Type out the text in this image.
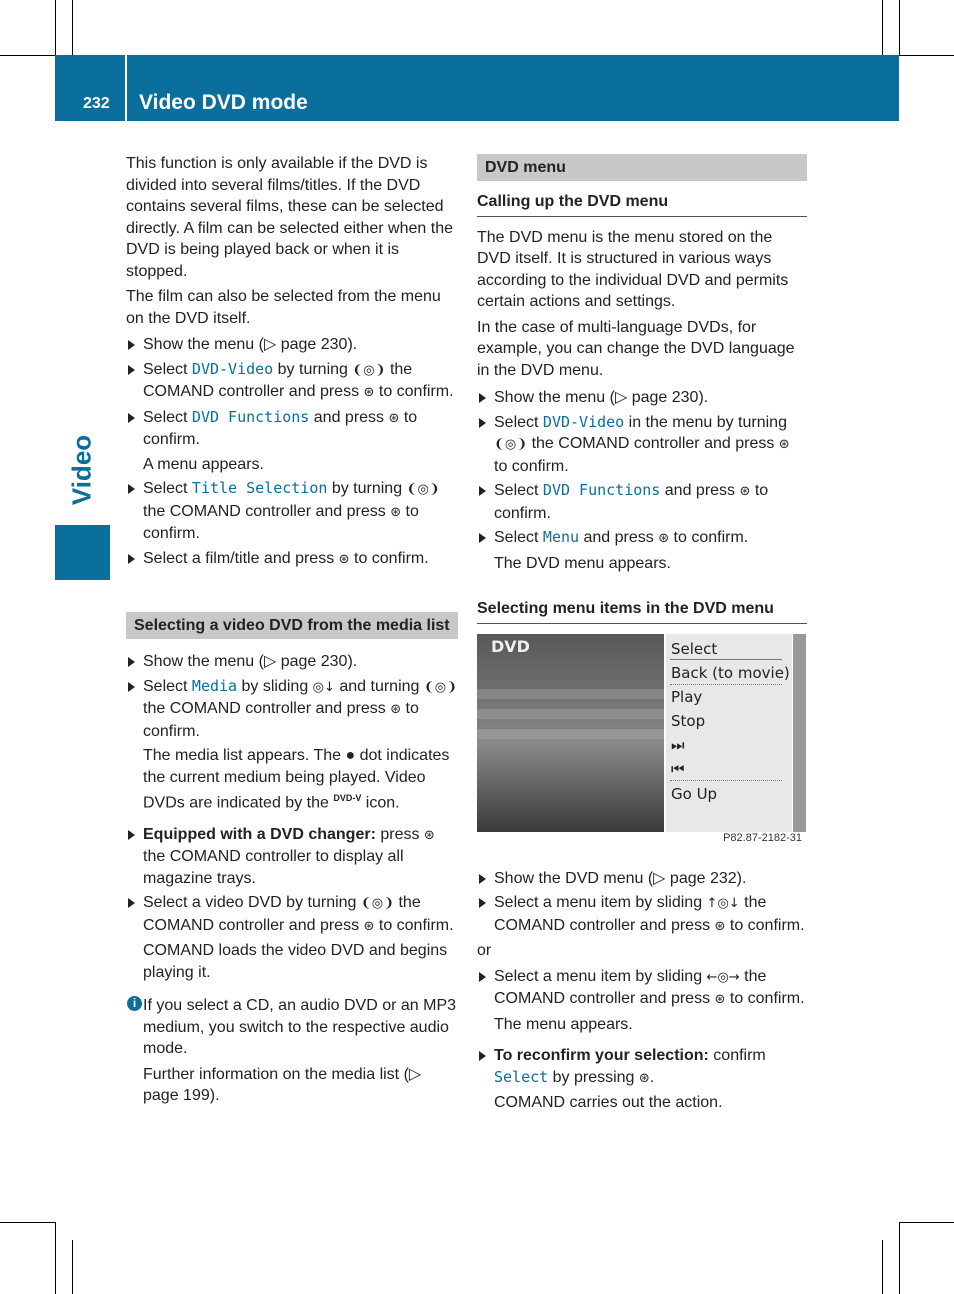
232 Video DVD mode
Video

This function is only available if the DVD is divided into several films/titles. If the DVD contains several films, these can be selected directly. A film can be selected either when the DVD is being played back or when it is stopped.

The film can also be selected from the menu on the DVD itself.

Show the menu (▷ page 230).
Select DVD-Video by turning ❨◎❩ the COMAND controller and press ⊛ to confirm.
Select DVD Functions and press ⊛ to confirm.
A menu appears.
Select Title Selection by turning ❨◎❩ the COMAND controller and press ⊛ to confirm.
Select a film/title and press ⊛ to confirm.
Selecting a video DVD from the media list
Show the menu (▷ page 230).
Select Media by sliding ◎↓ and turning ❨◎❩ the COMAND controller and press ⊛ to confirm.
The media list appears. The ● dot indicates the current medium being played. Video DVDs are indicated by the $^{DVD-V}$ icon.
Equipped with a DVD changer: press ⊛ the COMAND controller to display all magazine trays.
Select a video DVD by turning ❨◎❩ the COMAND controller and press ⊛ to confirm.
COMAND loads the video DVD and begins playing it.
i If you select a CD, an audio DVD or an MP3 medium, you switch to the respective audio mode.

Further information on the media list (▷ page 199).

DVD menu
Calling up the DVD menu

The DVD menu is the menu stored on the DVD itself. It is structured in various ways according to the individual DVD and permits certain actions and settings.

In the case of multi-language DVDs, for example, you can change the DVD language in the DVD menu.

Show the menu (▷ page 230).
Select DVD-Video in the menu by turning ❨◎❩ the COMAND controller and press ⊛ to confirm.
Select DVD Functions and press ⊛ to confirm.
Select Menu and press ⊛ to confirm.
The DVD menu appears.
Selecting menu items in the DVD menu
DVD	Select
Back (to movie)
Play
Stop
⏭
⏮
Go Up
P82.87-2182-31
Show the DVD menu (▷ page 232).
Select a menu item by sliding ↑◎↓ the COMAND controller and press ⊛ to confirm.

or

Select a menu item by sliding ←◎→ the COMAND controller and press ⊛ to confirm.
The menu appears.
To reconfirm your selection: confirm Select by pressing ⊛.
COMAND carries out the action.
